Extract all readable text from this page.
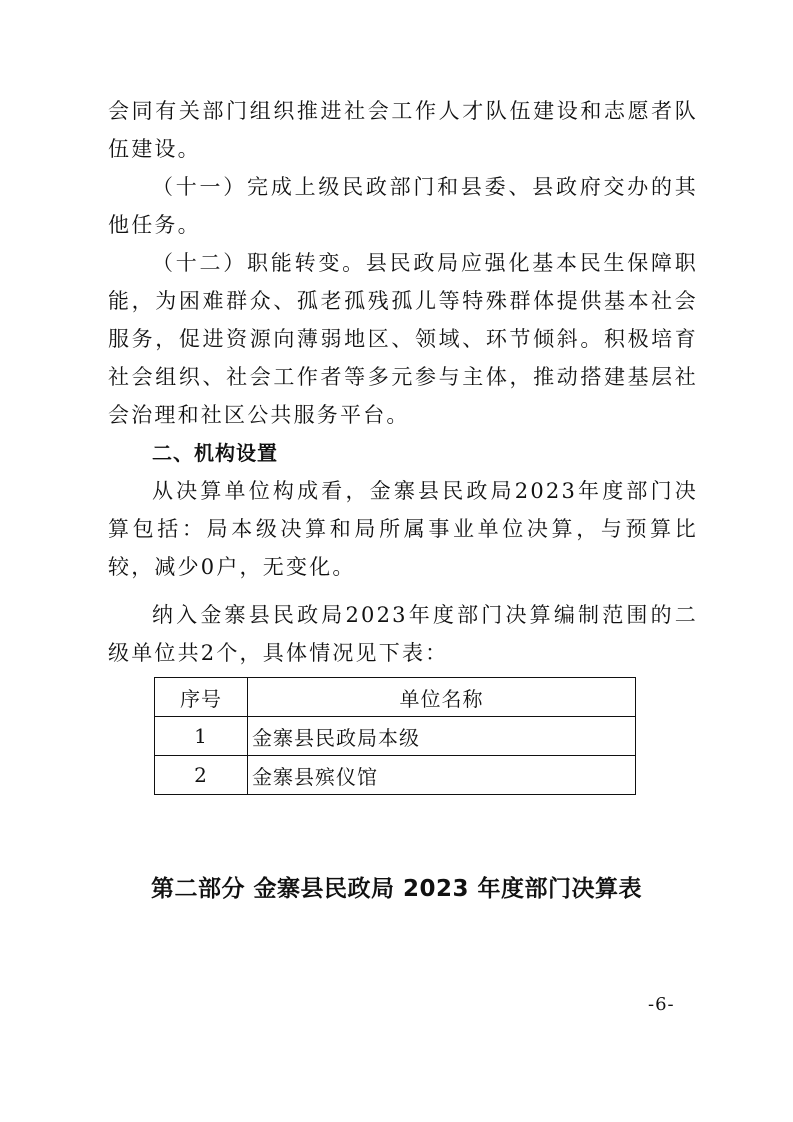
会同有关部门组织推进社会工作人才队伍建设和志愿者队伍建设。

（十一）完成上级民政部门和县委、县政府交办的其他任务。

（十二）职能转变。县民政局应强化基本民生保障职能，为困难群众、孤老孤残孤儿等特殊群体提供基本社会服务，促进资源向薄弱地区、领域、环节倾斜。积极培育社会组织、社会工作者等多元参与主体，推动搭建基层社会治理和社区公共服务平台。

二、机构设置

从决算单位构成看，金寨县民政局2023年度部门决算包括：局本级决算和局所属事业单位决算，与预算比较，减少0户，无变化。

纳入金寨县民政局2023年度部门决算编制范围的二级单位共2个，具体情况见下表：

序号	单位名称
1	金寨县民政局本级
2	金寨县殡仪馆
第二部分 金寨县民政局 2023 年度部门决算表
-6-
